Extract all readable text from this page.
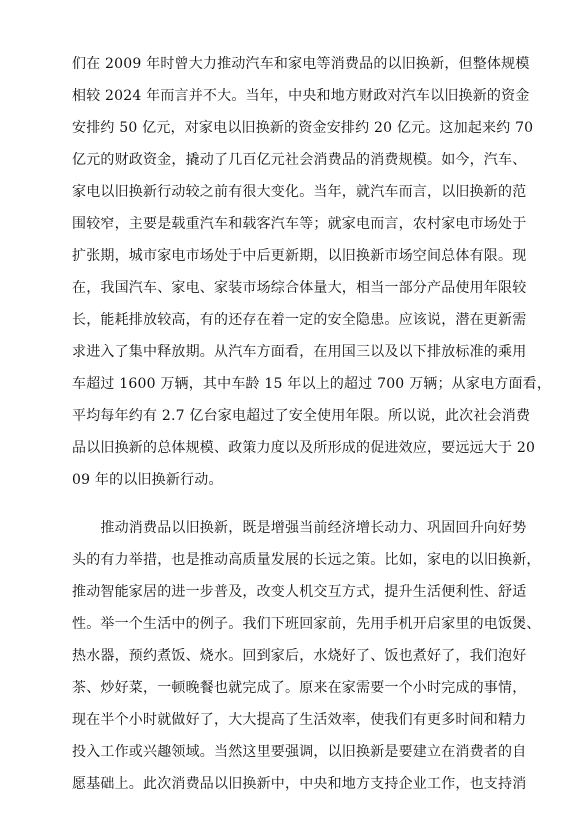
们在 2009 年时曾大力推动汽车和家电等消费品的以旧换新，但整体规模
相较 2024 年而言并不大。当年，中央和地方财政对汽车以旧换新的资金
安排约 50 亿元，对家电以旧换新的资金安排约 20 亿元。这加起来约 70
亿元的财政资金，撬动了几百亿元社会消费品的消费规模。如今，汽车、
家电以旧换新行动较之前有很大变化。当年，就汽车而言，以旧换新的范
围较窄，主要是载重汽车和载客汽车等；就家电而言，农村家电市场处于
扩张期，城市家电市场处于中后更新期，以旧换新市场空间总体有限。现
在，我国汽车、家电、家装市场综合体量大，相当一部分产品使用年限较
长，能耗排放较高，有的还存在着一定的安全隐患。应该说，潜在更新需
求进入了集中释放期。从汽车方面看，在用国三以及以下排放标准的乘用
车超过 1600 万辆，其中车龄 15 年以上的超过 700 万辆；从家电方面看，
平均每年约有 2.7 亿台家电超过了安全使用年限。所以说，此次社会消费
品以旧换新的总体规模、政策力度以及所形成的促进效应，要远远大于 20
09 年的以旧换新行动。
　　推动消费品以旧换新，既是增强当前经济增长动力、巩固回升向好势
头的有力举措，也是推动高质量发展的长远之策。比如，家电的以旧换新，
推动智能家居的进一步普及，改变人机交互方式，提升生活便利性、舒适
性。举一个生活中的例子。我们下班回家前，先用手机开启家里的电饭煲、
热水器，预约煮饭、烧水。回到家后，水烧好了、饭也煮好了，我们泡好
茶、炒好菜，一顿晚餐也就完成了。原来在家需要一个小时完成的事情，
现在半个小时就做好了，大大提高了生活效率，使我们有更多时间和精力
投入工作或兴趣领域。当然这里要强调，以旧换新是要建立在消费者的自
愿基础上。此次消费品以旧换新中，中央和地方支持企业工作，也支持消
